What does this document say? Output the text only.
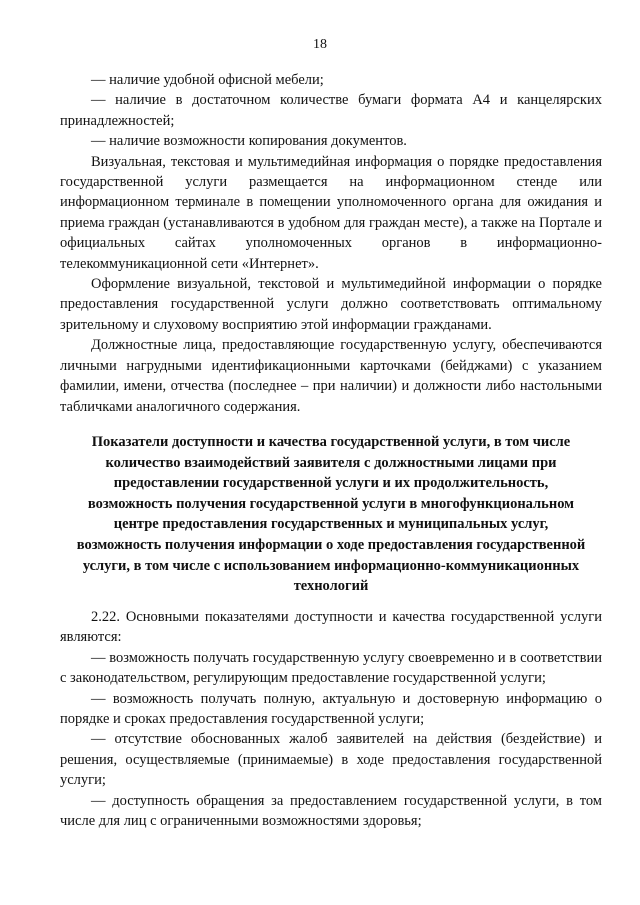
18

— наличие удобной офисной мебели;

— наличие в достаточном количестве бумаги формата А4 и канцелярских принадлежностей;

— наличие возможности копирования документов.

Визуальная, текстовая и мультимедийная информация о порядке предоставления государственной услуги размещается на информационном стенде или информационном терминале в помещении уполномоченного органа для ожидания и приема граждан (устанавливаются в удобном для граждан месте), а также на Портале и официальных сайтах уполномоченных органов в информационно-телекоммуникационной сети «Интернет».

Оформление визуальной, текстовой и мультимедийной информации о порядке предоставления государственной услуги должно соответствовать оптимальному зрительному и слуховому восприятию этой информации гражданами.

Должностные лица, предоставляющие государственную услугу, обеспечиваются личными нагрудными идентификационными карточками (бейджами) с указанием фамилии, имени, отчества (последнее – при наличии) и должности либо настольными табличками аналогичного содержания.

Показатели доступности и качества государственной услуги, в том числе
количество взаимодействий заявителя с должностными лицами при
предоставлении государственной услуги и их продолжительность,
возможность получения государственной услуги в многофункциональном
центре предоставления государственных и муниципальных услуг,
возможность получения информации о ходе предоставления государственной
услуги, в том числе с использованием информационно-коммуникационных
технологий

2.22. Основными показателями доступности и качества государственной услуги являются:

— возможность получать государственную услугу своевременно и в соответствии с законодательством, регулирующим предоставление государственной услуги;

— возможность получать полную, актуальную и достоверную информацию о порядке и сроках предоставления государственной услуги;

— отсутствие обоснованных жалоб заявителей на действия (бездействие) и решения, осуществляемые (принимаемые) в ходе предоставления государственной услуги;

— доступность обращения за предоставлением государственной услуги, в том числе для лиц с ограниченными возможностями здоровья;
